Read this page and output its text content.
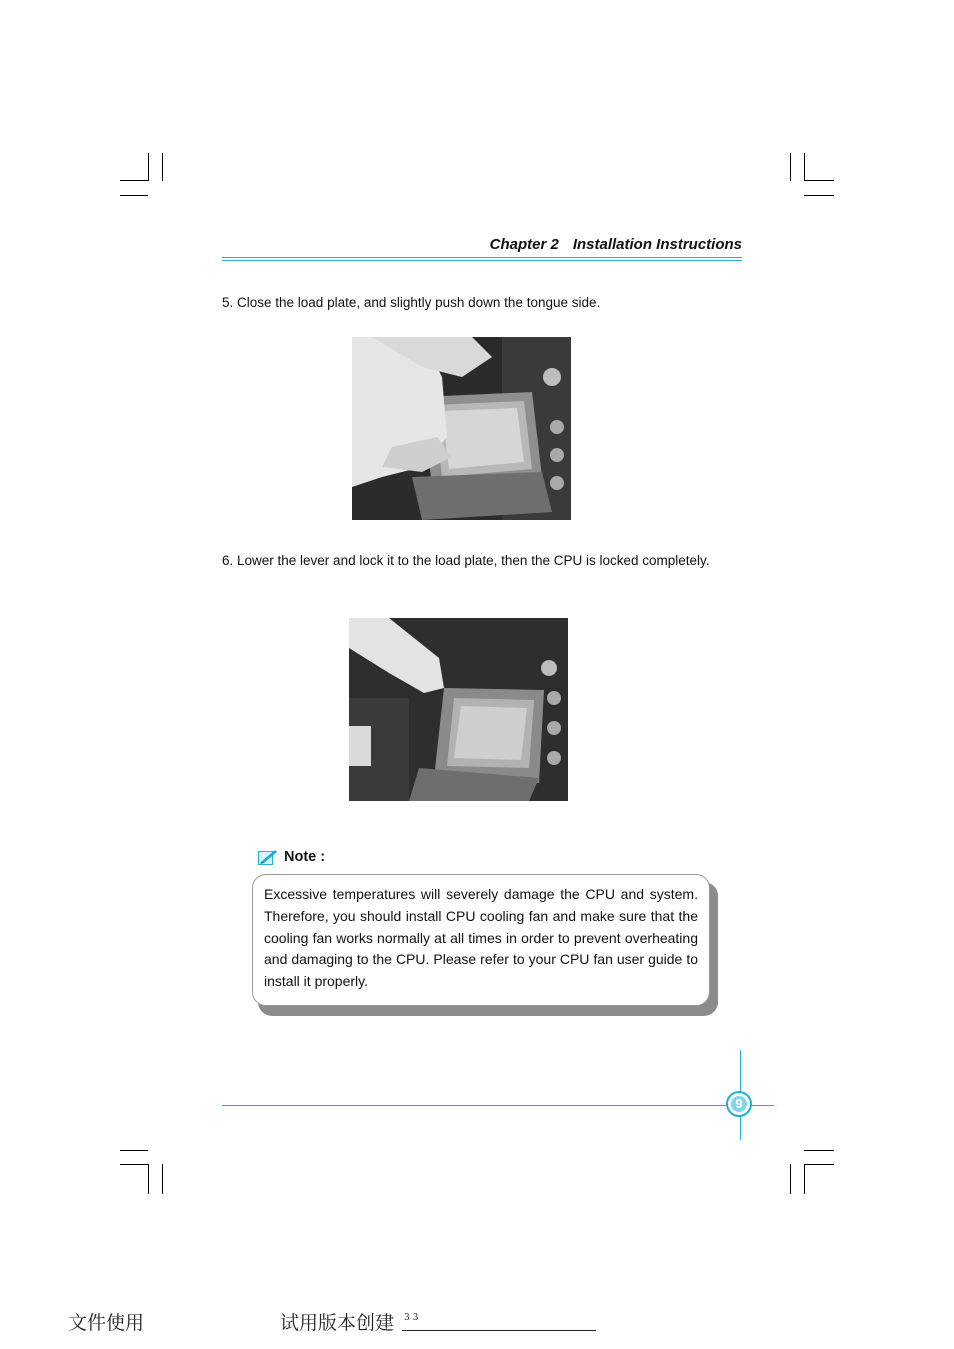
Chapter 2 Installation Instructions
5. Close the load plate, and slightly push down the tongue side.
6. Lower the lever and lock it to the load plate, then the CPU is locked completely.
Note :

Excessive temperatures will severely damage the CPU and system. Therefore, you should install CPU cooling fan and make sure that the cooling fan works normally at all times in order to prevent overheating and damaging to the CPU. Please refer to your CPU fan user guide to install it properly.

9
文件使用	试用版本创建 3 3
